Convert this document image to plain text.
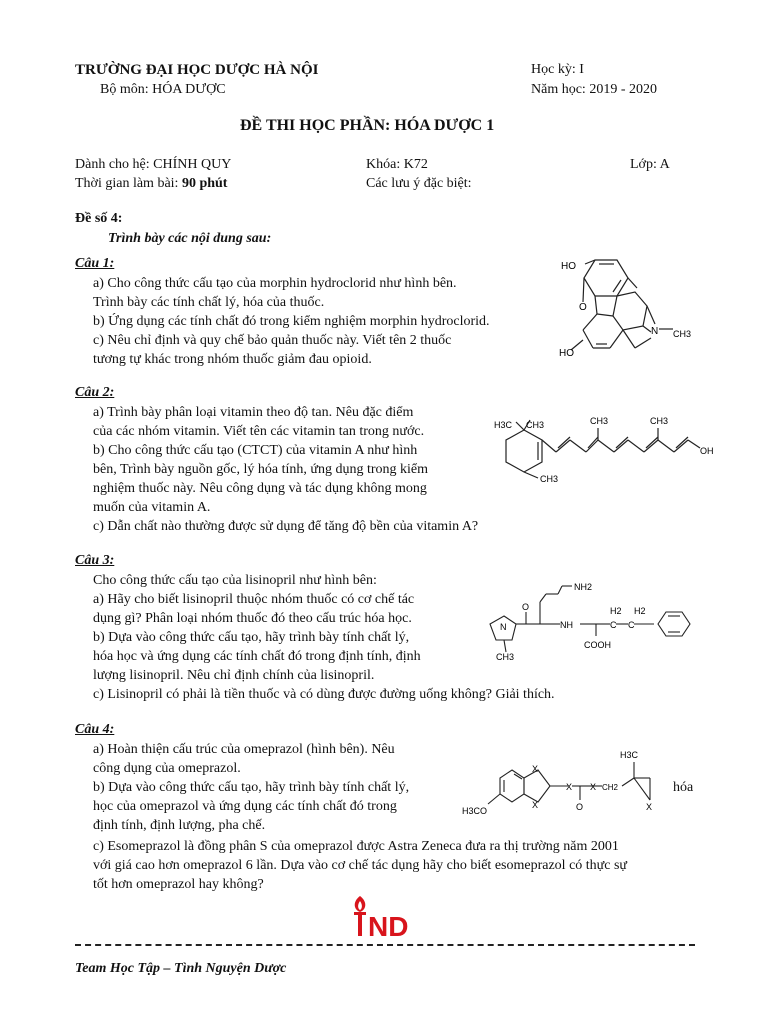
TRƯỜNG ĐẠI HỌC DƯỢC HÀ NỘI
Bộ môn: HÓA DƯỢC
Học kỳ: I
Năm học: 2019 - 2020
ĐỀ THI HỌC PHẦN: HÓA DƯỢC 1
Dành cho hệ: CHÍNH QUY	Khóa: K72	Lớp: A
Thời gian làm bài: 90 phút	Các lưu ý đặc biệt:
Đề số 4:
Trình bày các nội dung sau:
Câu 1:
a) Cho công thức cấu tạo của morphin hydroclorid như hình bên.
Trình bày các tính chất lý, hóa của thuốc.
b) Ứng dụng các tính chất đó trong kiểm nghiệm morphin hydroclorid.
c) Nêu chỉ định và quy chế bảo quản thuốc này. Viết tên 2 thuốc
tương tự khác trong nhóm thuốc giảm đau opioid.
HO
O
N CH3
HO
Câu 2:
a) Trình bày phân loại vitamin theo độ tan. Nêu đặc điểm
của các nhóm vitamin. Viết tên các vitamin tan trong nước.
b) Cho công thức cấu tạo (CTCT) của vitamin A như hình
bên, Trình bày nguồn gốc, lý hóa tính, ứng dụng trong kiểm
nghiệm thuốc này. Nêu công dụng và tác dụng không mong
muốn của vitamin A.
c) Dẫn chất nào thường được sử dụng để tăng độ bền của vitamin A?
H3C CH3
CH3
CH3	CH3
OH
Câu 3:
Cho công thức cấu tạo của lisinopril như hình bên:
a) Hãy cho biết lisinopril thuộc nhóm thuốc có cơ chế tác
dụng gì? Phân loại nhóm thuốc đó theo cấu trúc hóa học.
b) Dựa vào công thức cấu tạo, hãy trình bày tính chất lý,
hóa học và ứng dụng các tính chất đó trong định tính, định
lượng lisinopril. Nêu chỉ định chính của lisinopril.
c) Lisinopril có phải là tiền thuốc và có dùng được đường uống không? Giải thích.
N
O
NH2
NH
COOH
H2
C
H2
C
CH3
Câu 4:
a) Hoàn thiện cấu trúc của omeprazol (hình bên). Nêu
công dụng của omeprazol.
b) Dựa vào công thức cấu tạo, hãy trình bày tính chất lý,
học của omeprazol và ứng dụng các tính chất đó trong
định tính, định lượng, pha chế.
c) Esomeprazol là đồng phân S của omeprazol được Astra Zeneca đưa ra thị trường năm 2001
với giá cao hơn omeprazol 6 lần. Dựa vào cơ chế tác dụng hãy cho biết esomeprazol có thực sự
tốt hơn omeprazol hay không?
hóa
X
X
X X
X
O
CH2
H3C
H3CO
ND
Team Học Tập – Tình Nguyện Dược
